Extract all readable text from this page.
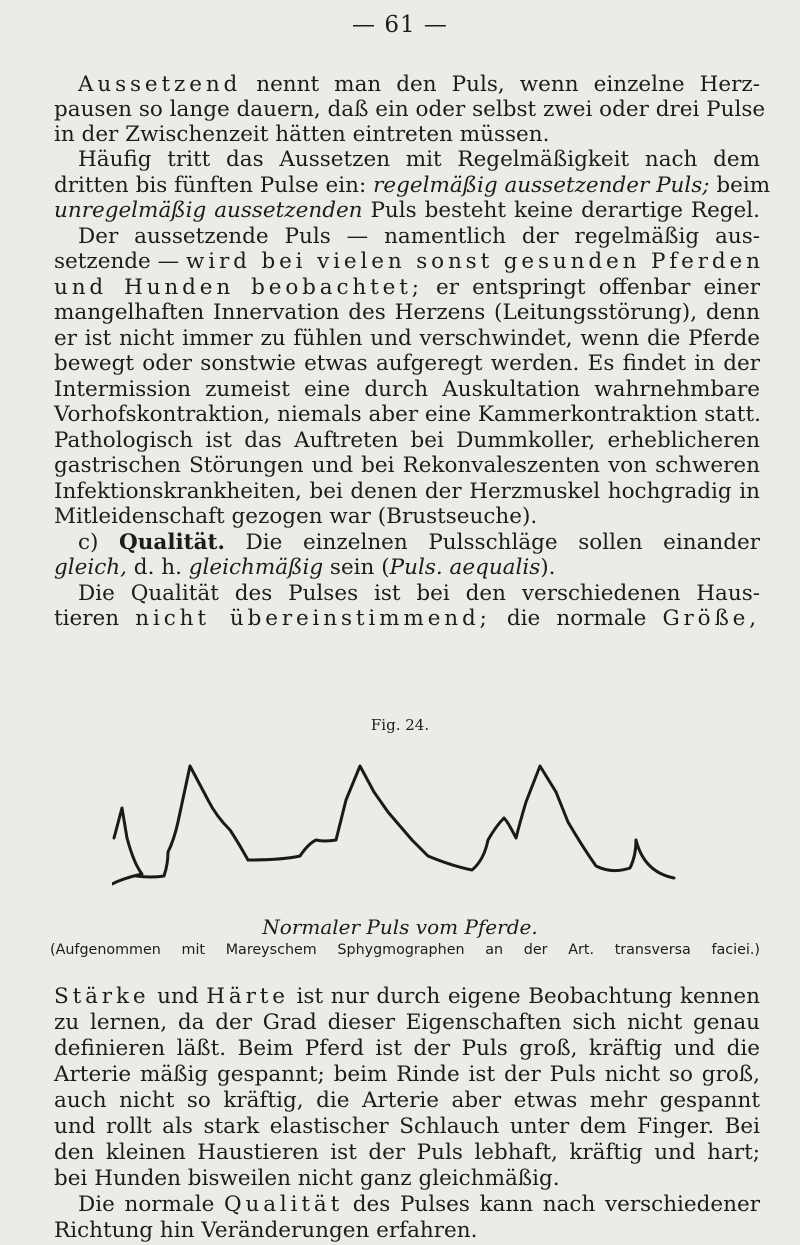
— 61 —
Aussetzend nennt man den Puls, wenn einzelne Herz-
pausen so lange dauern, daß ein oder selbst zwei oder drei Pulse
in der Zwischenzeit hätten eintreten müssen.
Häufig tritt das Aussetzen mit Regelmäßigkeit nach dem
dritten bis fünften Pulse ein: regelmäßig aussetzender Puls; beim
unregelmäßig aussetzenden Puls besteht keine derartige Regel.
Der aussetzende Puls — namentlich der regelmäßig aus-
setzende — wird bei vielen sonst gesunden Pferden
und Hunden beobachtet; er entspringt offenbar einer
mangelhaften Innervation des Herzens (Leitungsstörung), denn
er ist nicht immer zu fühlen und verschwindet, wenn die Pferde
bewegt oder sonstwie etwas aufgeregt werden. Es findet in der
Intermission zumeist eine durch Auskultation wahrnehmbare
Vorhofskontraktion, niemals aber eine Kammerkontraktion statt.
Pathologisch ist das Auftreten bei Dummkoller, erheblicheren
gastrischen Störungen und bei Rekonvaleszenten von schweren
Infektionskrankheiten, bei denen der Herzmuskel hochgradig in
Mitleidenschaft gezogen war (Brustseuche).
c) Qualität. Die einzelnen Pulsschläge sollen einander
gleich, d. h. gleichmäßig sein (Puls. aequalis).
Die Qualität des Pulses ist bei den verschiedenen Haus-
tieren nicht übereinstimmend; die normale Größe,
Fig. 24.
Normaler Puls vom Pferde.
(Aufgenommen mit Mareyschem Sphygmographen an der Art. transversa faciei.)
Stärke und Härte ist nur durch eigene Beobachtung kennen
zu lernen, da der Grad dieser Eigenschaften sich nicht genau
definieren läßt. Beim Pferd ist der Puls groß, kräftig und die
Arterie mäßig gespannt; beim Rinde ist der Puls nicht so groß,
auch nicht so kräftig, die Arterie aber etwas mehr gespannt
und rollt als stark elastischer Schlauch unter dem Finger. Bei
den kleinen Haustieren ist der Puls lebhaft, kräftig und hart;
bei Hunden bisweilen nicht ganz gleichmäßig.
Die normale Qualität des Pulses kann nach verschiedener
Richtung hin Veränderungen erfahren.
